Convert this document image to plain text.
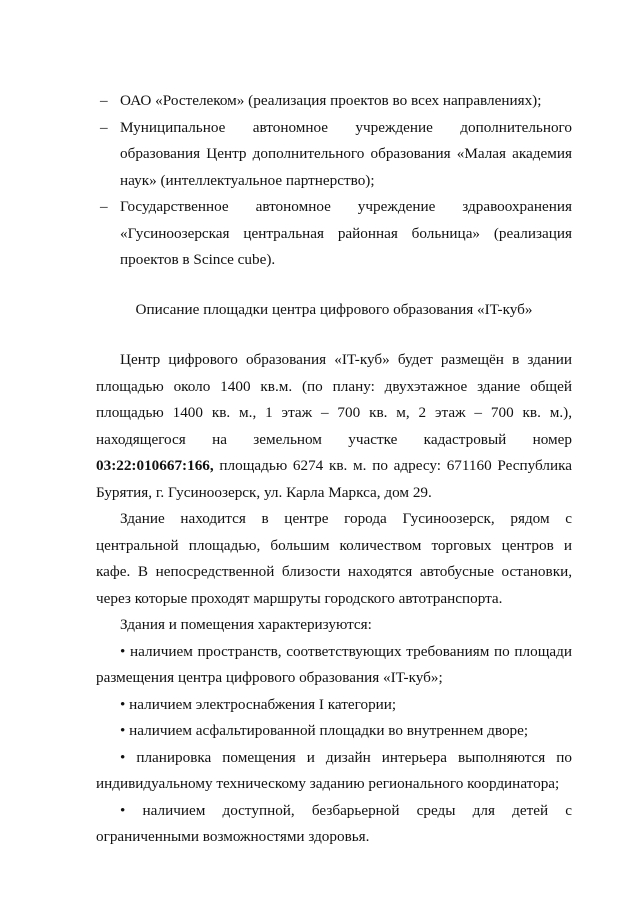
– ОАО «Ростелеком» (реализация проектов во всех направлениях);
– Муниципальное автономное учреждение дополнительного образования Центр дополнительного образования «Малая академия наук» (интеллектуальное партнерство);
– Государственное автономное учреждение здравоохранения «Гусиноозерская центральная районная больница» (реализация проектов в Scince cube).
Описание площадки центра цифрового образования «IT-куб»

Центр цифрового образования «IT-куб» будет размещён в здании площадью около 1400 кв.м. (по плану: двухэтажное здание общей площадью 1400 кв. м., 1 этаж – 700 кв. м, 2 этаж – 700 кв. м.), находящегося на земельном участке кадастровый номер 03:22:010667:166, площадью 6274 кв. м. по адресу: 671160 Республика Бурятия, г. Гусиноозерск, ул. Карла Маркса, дом 29.

Здание находится в центре города Гусиноозерск, рядом с центральной площадью, большим количеством торговых центров и кафе. В непосредственной близости находятся автобусные остановки, через которые проходят маршруты городского автотранспорта.

Здания и помещения характеризуются:

• наличием пространств, соответствующих требованиям по площади размещения центра цифрового образования «IT-куб»;

• наличием электроснабжения I категории;

• наличием асфальтированной площадки во внутреннем дворе;

• планировка помещения и дизайн интерьера выполняются по индивидуальному техническому заданию регионального координатора;

• наличием доступной, безбарьерной среды для детей с ограниченными возможностями здоровья.
